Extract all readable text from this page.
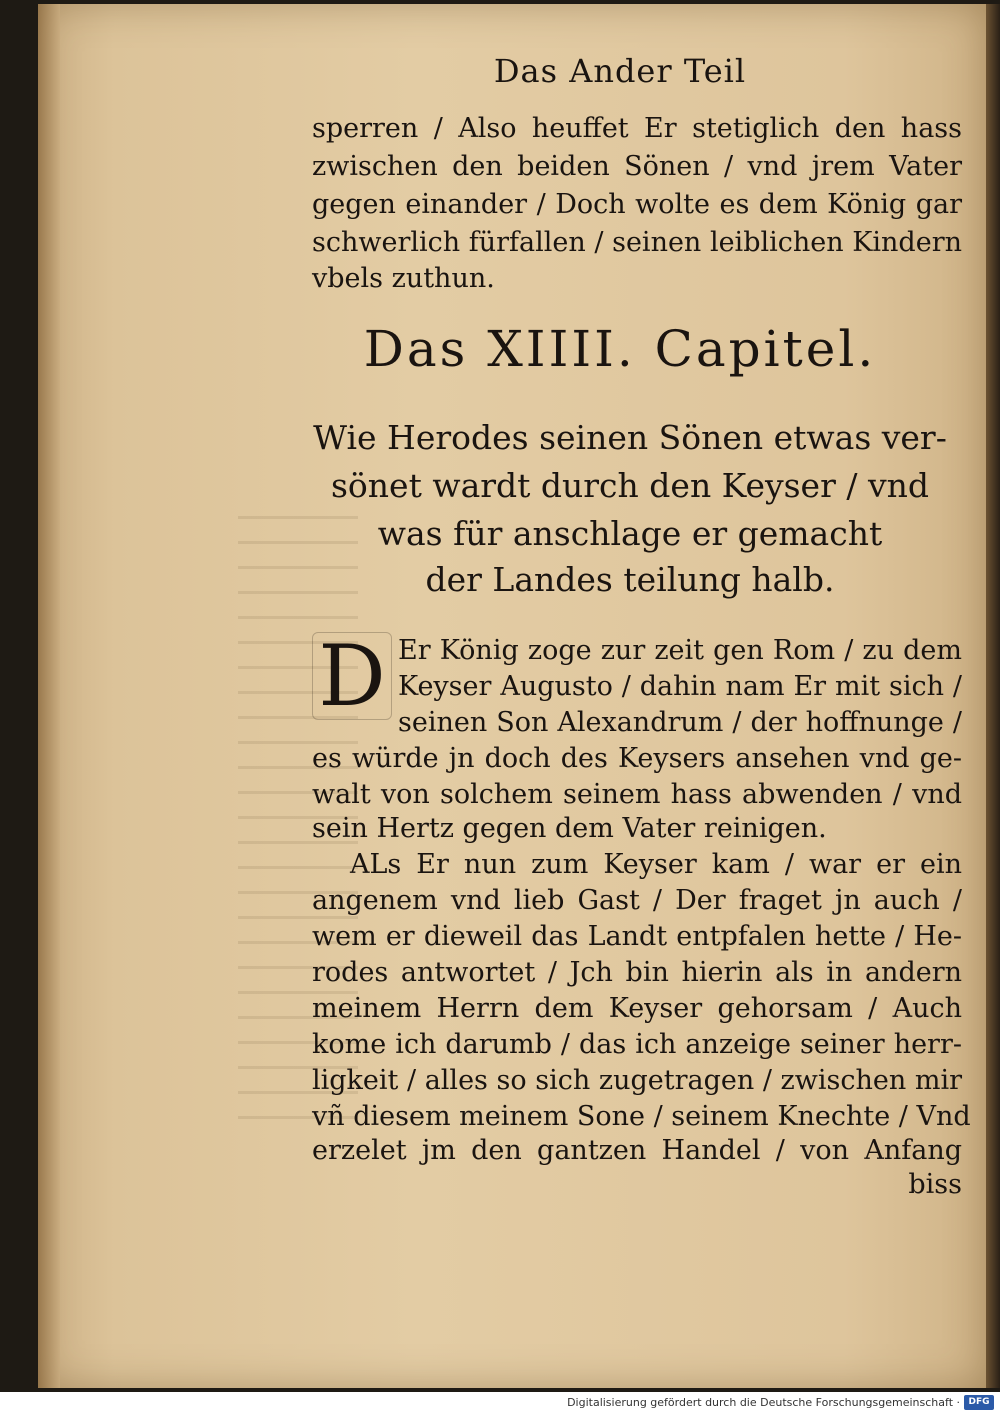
Das Ander Teil
sperren / Also heuffet Er stetiglich den hass
zwischen den beiden Sönen / vnd jrem Vater
gegen einander / Doch wolte es dem König gar
schwerlich fürfallen / seinen leiblichen Kindern
vbels zuthun.
Das XIIII. Capitel.
Wie Herodes seinen Sönen etwas ver-
sönet wardt durch den Keyser / vnd
was für anschlage er gemacht
der Landes teilung halb.
D Er König zoge zur zeit gen Rom / zu dem
Keyser Augusto / dahin nam Er mit sich /
seinen Son Alexandrum / der hoffnunge /
es würde jn doch des Keysers ansehen vnd ge-
walt von solchem seinem hass abwenden / vnd
sein Hertz gegen dem Vater reinigen.
ALs Er nun zum Keyser kam / war er ein
angenem vnd lieb Gast / Der fraget jn auch /
wem er dieweil das Landt entpfalen hette / He-
rodes antwortet / Jch bin hierin als in andern
meinem Herrn dem Keyser gehorsam / Auch
kome ich darumb / das ich anzeige seiner herr-
ligkeit / alles so sich zugetragen / zwischen mir
vñ diesem meinem Sone / seinem Knechte / Vnd
erzelet jm den gantzen Handel / von Anfang
biss
Digitalisierung gefördert durch die Deutsche Forschungsgemeinschaft · DFG
